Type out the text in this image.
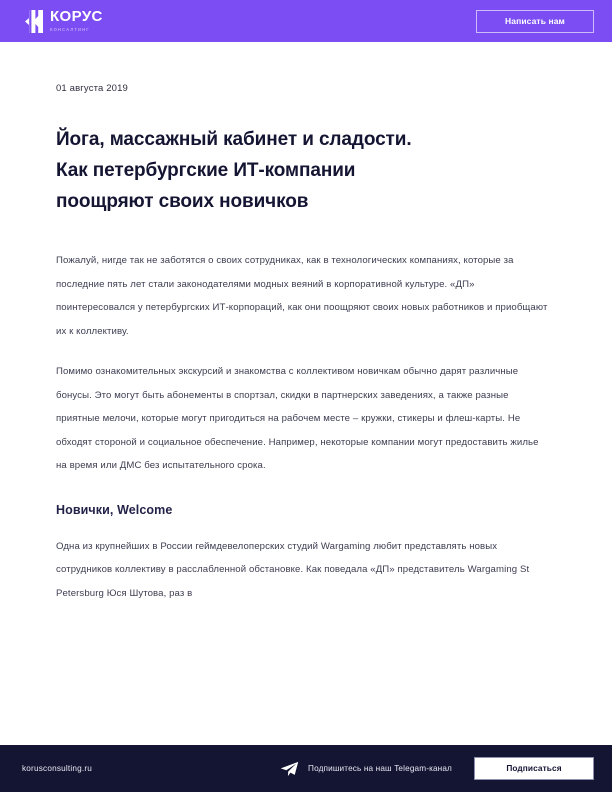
КОРУС
КОНСАЛТИНГ
Написать нам
01 августа 2019
Йога, массажный кабинет и сладости.
Как петербургские ИТ-компании
поощряют своих новичков

Пожалуй, нигде так не заботятся о своих сотрудниках, как в технологических компаниях, которые за последние пять лет стали законодателями модных веяний в корпоративной культуре. «ДП» поинтересовался у петербургских ИТ-корпораций, как они поощряют своих новых работников и приобщают их к коллективу.

Помимо ознакомительных экскурсий и знакомства с коллективом новичкам обычно дарят различные бонусы. Это могут быть абонементы в спортзал, скидки в партнерских заведениях, а также разные приятные мелочи, которые могут пригодиться на рабочем месте – кружки, стикеры и флеш-карты. Не обходят стороной и социальное обеспечение. Например, некоторые компании могут предоставить жилье на время или ДМС без испытательного срока.

Новички, Welcome

Одна из крупнейших в России геймдевелоперских студий Wargaming любит представлять новых сотрудников коллективу в расслабленной обстановке. Как поведала «ДП» представитель Wargaming St Petersburg Юся Шутова, раз в

korusconsulting.ru	Подпишитесь на наш Telegam-канал	Подписаться
